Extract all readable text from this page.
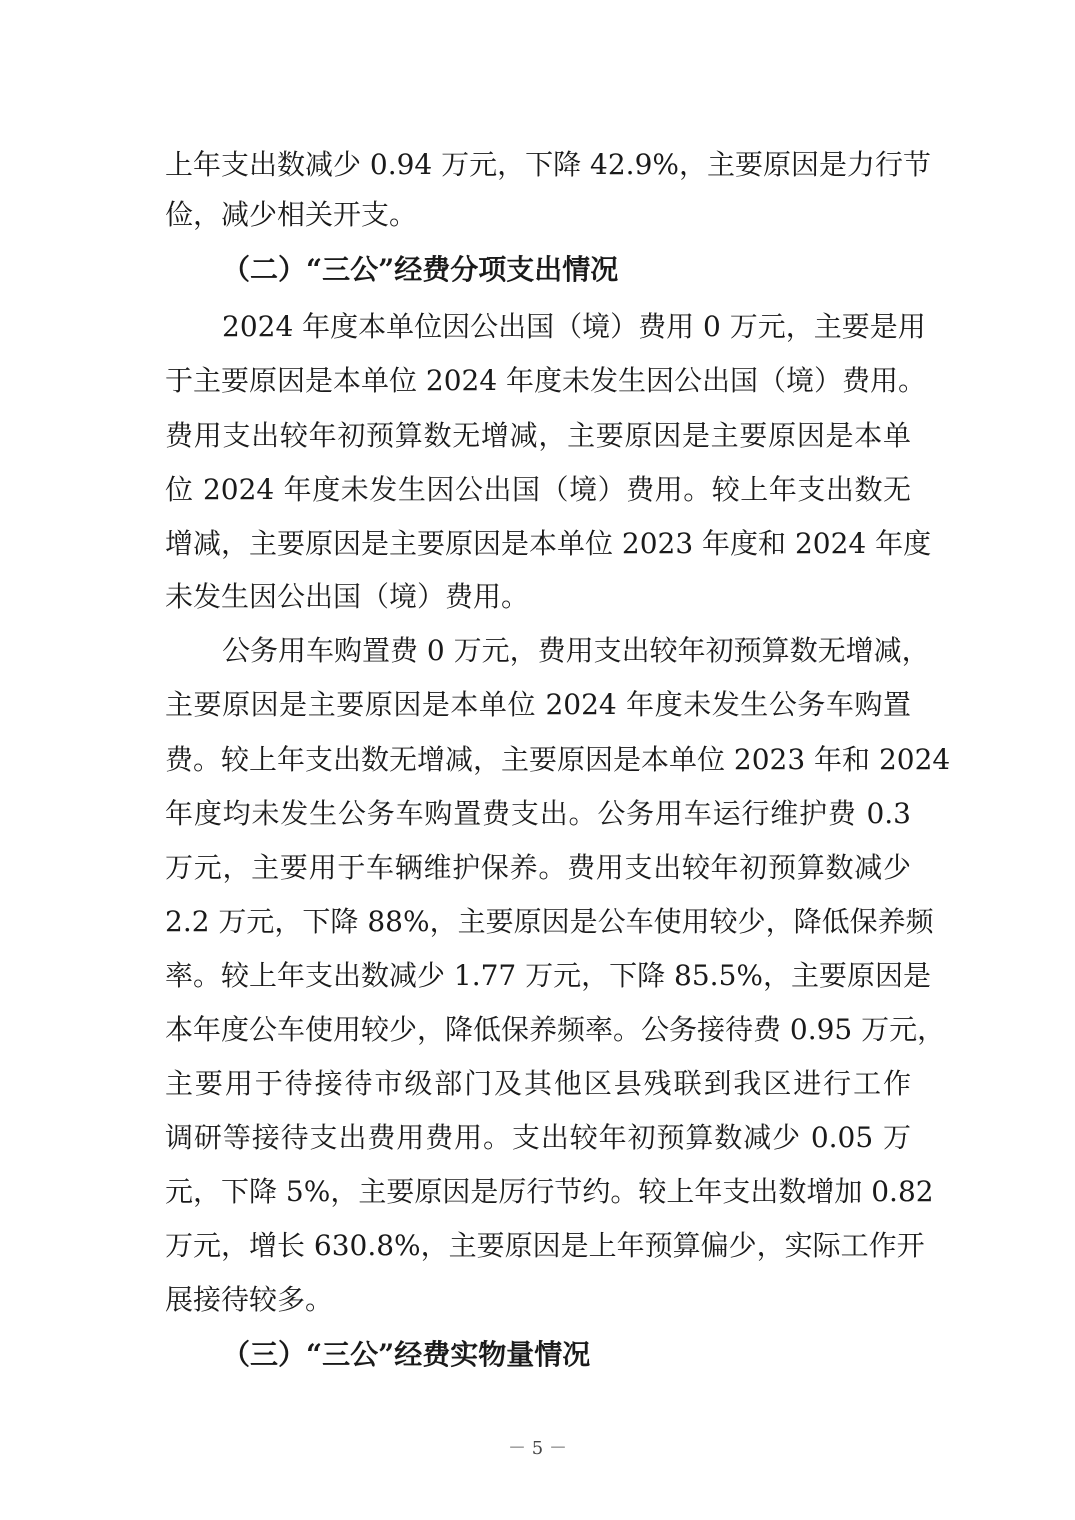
上年支出数减少 0.94 万元，下降 42.9%，主要原因是力行节
俭，减少相关开支。
（二）“三公”经费分项支出情况
2024 年度本单位因公出国（境）费用 0 万元，主要是用
于主要原因是本单位 2024 年度未发生因公出国（境）费用。
费用支出较年初预算数无增减，主要原因是主要原因是本单
位 2024 年度未发生因公出国（境）费用。较上年支出数无
增减，主要原因是主要原因是本单位 2023 年度和 2024 年度
未发生因公出国（境）费用。
公务用车购置费 0 万元，费用支出较年初预算数无增减，
主要原因是主要原因是本单位 2024 年度未发生公务车购置
费。较上年支出数无增减，主要原因是本单位 2023 年和 2024
年度均未发生公务车购置费支出。公务用车运行维护费 0.3
万元，主要用于车辆维护保养。费用支出较年初预算数减少
2.2 万元，下降 88%，主要原因是公车使用较少，降低保养频
率。较上年支出数减少 1.77 万元，下降 85.5%，主要原因是
本年度公车使用较少，降低保养频率。公务接待费 0.95 万元，
主要用于待接待市级部门及其他区县残联到我区进行工作
调研等接待支出费用费用。支出较年初预算数减少 0.05 万
元，下降 5%，主要原因是厉行节约。较上年支出数增加 0.82
万元，增长 630.8%，主要原因是上年预算偏少，实际工作开
展接待较多。
（三）“三公”经费实物量情况
－ 5 －
